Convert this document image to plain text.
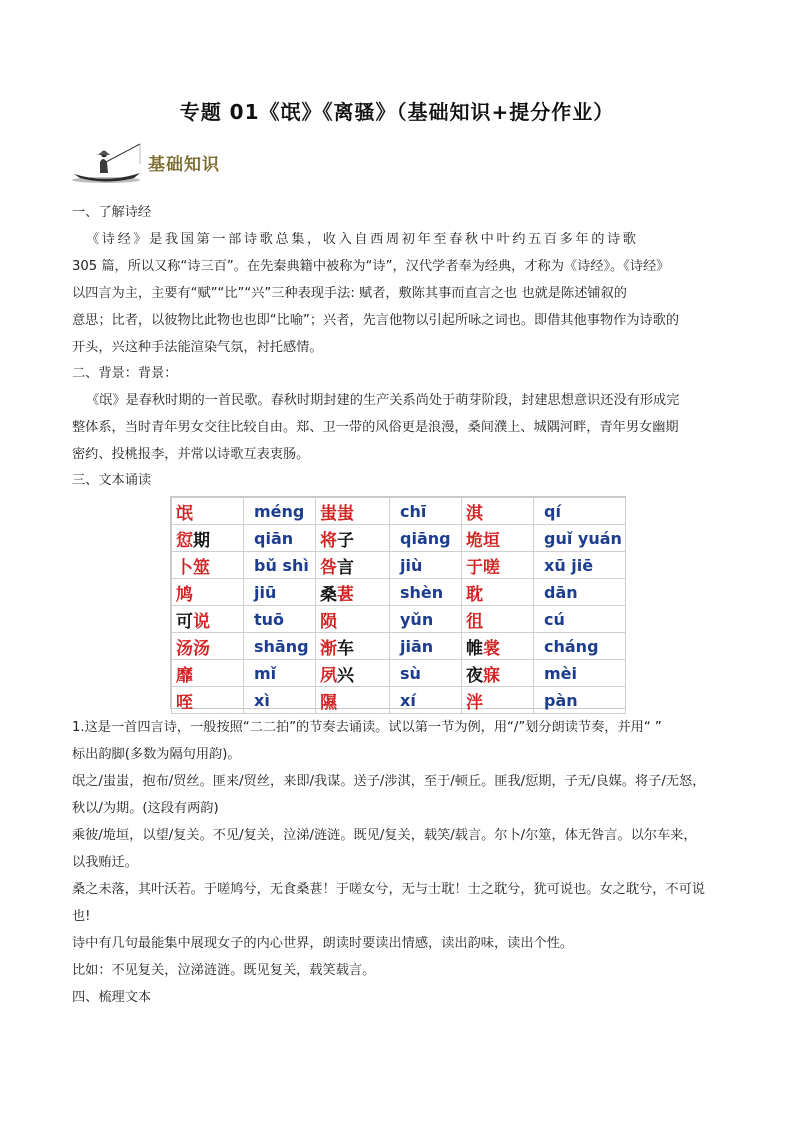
专题 01《氓》《离骚》（基础知识+提分作业）
基础知识
一、了解诗经
《诗经》是我国第一部诗歌总集，收入自西周初年至春秋中叶约五百多年的诗歌
305 篇，所以又称“诗三百”。在先秦典籍中被称为“诗”，汉代学者奉为经典，才称为《诗经》。《诗经》
以四言为主，主要有“赋”“比”“兴”三种表现手法: 赋者，敷陈其事而直言之也 也就是陈述铺叙的
意思；比者，以彼物比此物也也即“比喻”；兴者，先言他物以引起所咏之词也。即借其他事物作为诗歌的
开头，兴这种手法能渲染气氛，衬托感情。
二、背景：背景：
《氓》是春秋时期的一首民歌。春秋时期封建的生产关系尚处于萌芽阶段，封建思想意识还没有形成完
整体系，当时青年男女交往比较自由。郑、卫一带的风俗更是浪漫，桑间濮上、城隅河畔，青年男女幽期
密约、投桃报李，并常以诗歌互表衷肠。
三、文本诵读
氓	méng	蚩蚩	chī	淇	qí
愆期	qiān	将子	qiāng	垝垣	guǐ yuán
卜筮	bǔ shì	咎言	jiù	于嗟	xū jiē
鸠	jiū	桑葚	shèn	耽	dān
可说	tuō	陨	yǔn	徂	cú
汤汤	shāng	渐车	jiān	帷裳	cháng
靡	mǐ	夙兴	sù	夜寐	mèi
咥	xì	隰	xí	泮	pàn
1.这是一首四言诗，一般按照“二二拍”的节奏去诵读。试以第一节为例，用“/”划分朗读节奏，并用“ ”
标出韵脚(多数为隔句用韵)。
氓之/蚩蚩，抱布/贸丝。匪来/贸丝，来即/我谋。送子/涉淇，至于/顿丘。匪我/愆期，子无/良媒。将子/无怒，
秋以/为期。(这段有两韵)
乘彼/垝垣，以望/复关。不见/复关，泣涕/涟涟。既见/复关，载笑/载言。尔卜/尔筮，体无咎言。以尔车来，
以我贿迁。
桑之未落，其叶沃若。于嗟鸠兮，无食桑葚！于嗟女兮，无与士耽！士之耽兮，犹可说也。女之耽兮，不可说
也!
诗中有几句最能集中展现女子的内心世界，朗读时要读出情感，读出韵味，读出个性。
比如：不见复关，泣涕涟涟。既见复关，载笑载言。
四、梳理文本
